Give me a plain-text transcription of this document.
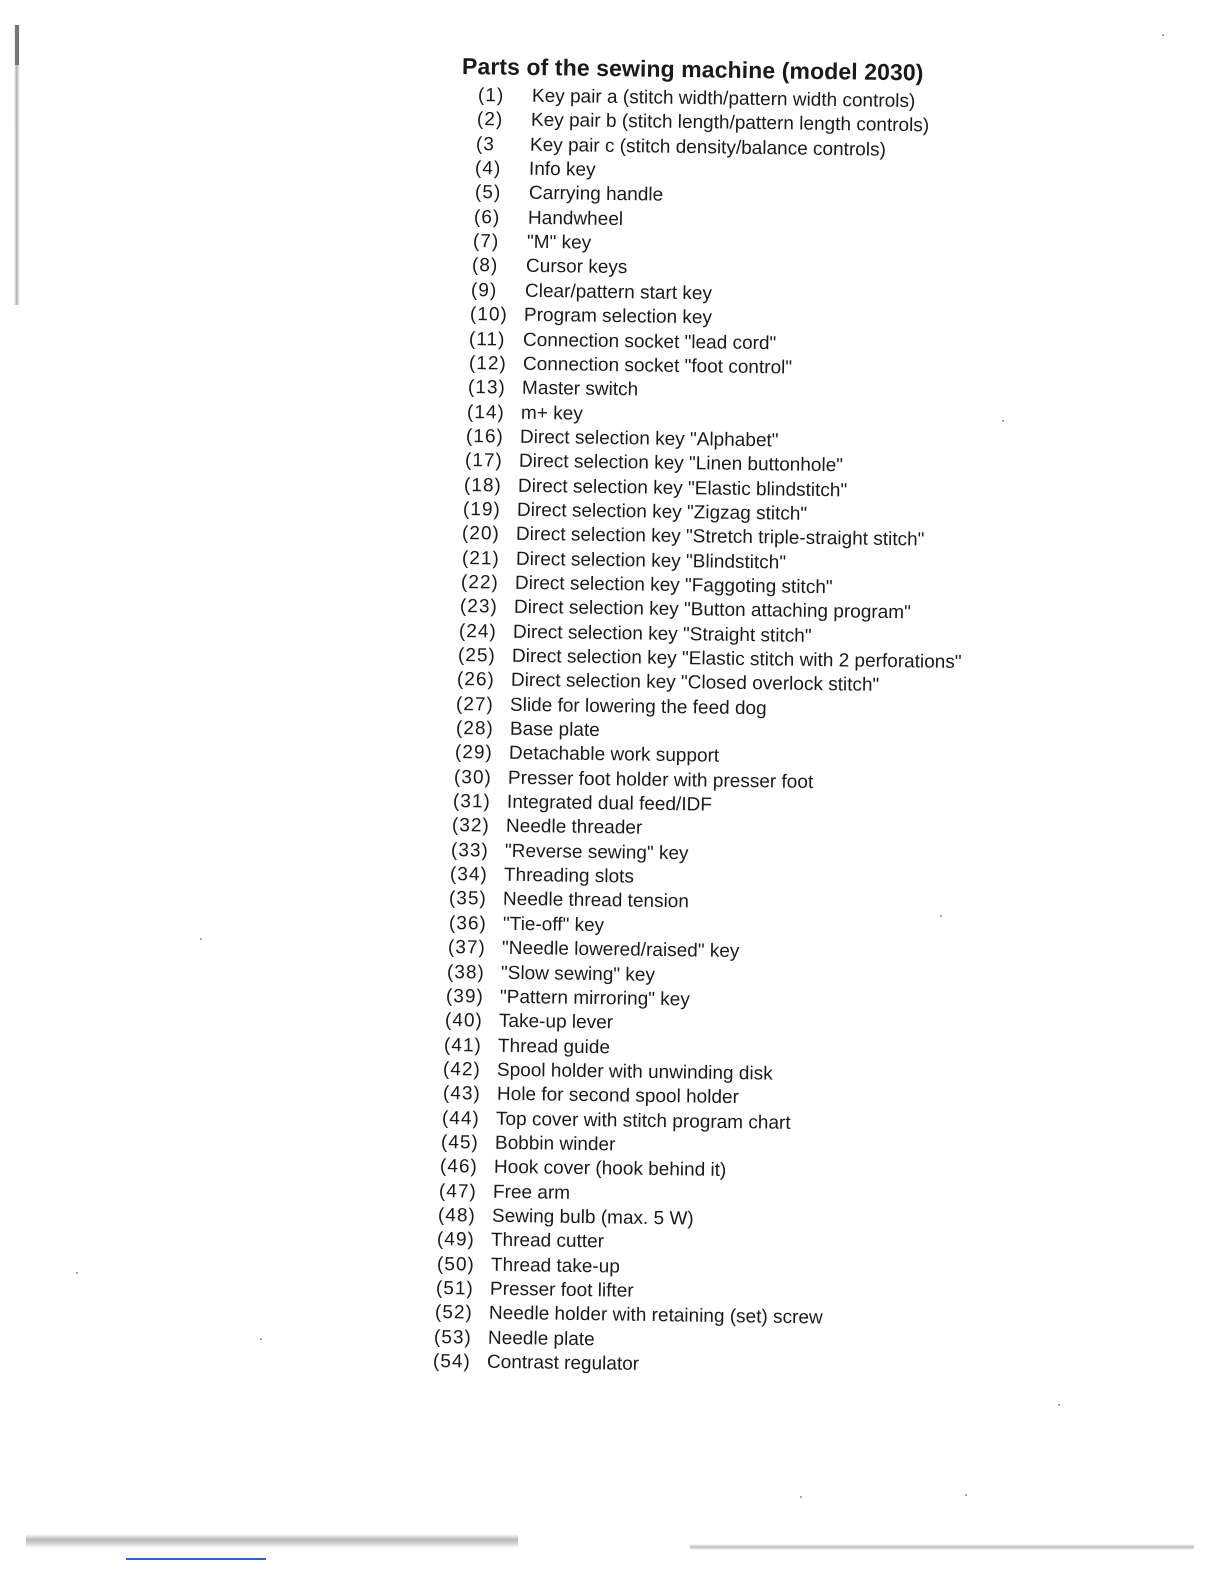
Parts of the sewing machine (model 2030)
(1)	Key pair a (stitch width/pattern width controls)
(2)	Key pair b (stitch length/pattern length controls)
(3	Key pair c (stitch density/balance controls)
(4)	Info key
(5)	Carrying handle
(6)	Handwheel
(7)	"M" key
(8)	Cursor keys
(9)	Clear/pattern start key
(10) Program selection key
(11) Connection socket "lead cord"
(12) Connection socket "foot control"
(13) Master switch
(14) m+ key
(16) Direct selection key "Alphabet"
(17) Direct selection key "Linen buttonhole"
(18) Direct selection key "Elastic blindstitch"
(19) Direct selection key "Zigzag stitch"
(20) Direct selection key "Stretch triple-straight stitch"
(21) Direct selection key "Blindstitch"
(22) Direct selection key "Faggoting stitch"
(23) Direct selection key "Button attaching program"
(24) Direct selection key "Straight stitch"
(25) Direct selection key "Elastic stitch with 2 perforations"
(26) Direct selection key "Closed overlock stitch"
(27) Slide for lowering the feed dog
(28) Base plate
(29) Detachable work support
(30) Presser foot holder with presser foot
(31) Integrated dual feed/IDF
(32) Needle threader
(33) "Reverse sewing" key
(34) Threading slots
(35) Needle thread tension
(36) "Tie-off" key
(37) "Needle lowered/raised" key
(38) "Slow sewing" key
(39) "Pattern mirroring" key
(40) Take-up lever
(41) Thread guide
(42) Spool holder with unwinding disk
(43) Hole for second spool holder
(44) Top cover with stitch program chart
(45) Bobbin winder
(46) Hook cover (hook behind it)
(47) Free arm
(48) Sewing bulb (max. 5 W)
(49) Thread cutter
(50) Thread take-up
(51) Presser foot lifter
(52) Needle holder with retaining (set) screw
(53) Needle plate
(54) Contrast regulator
